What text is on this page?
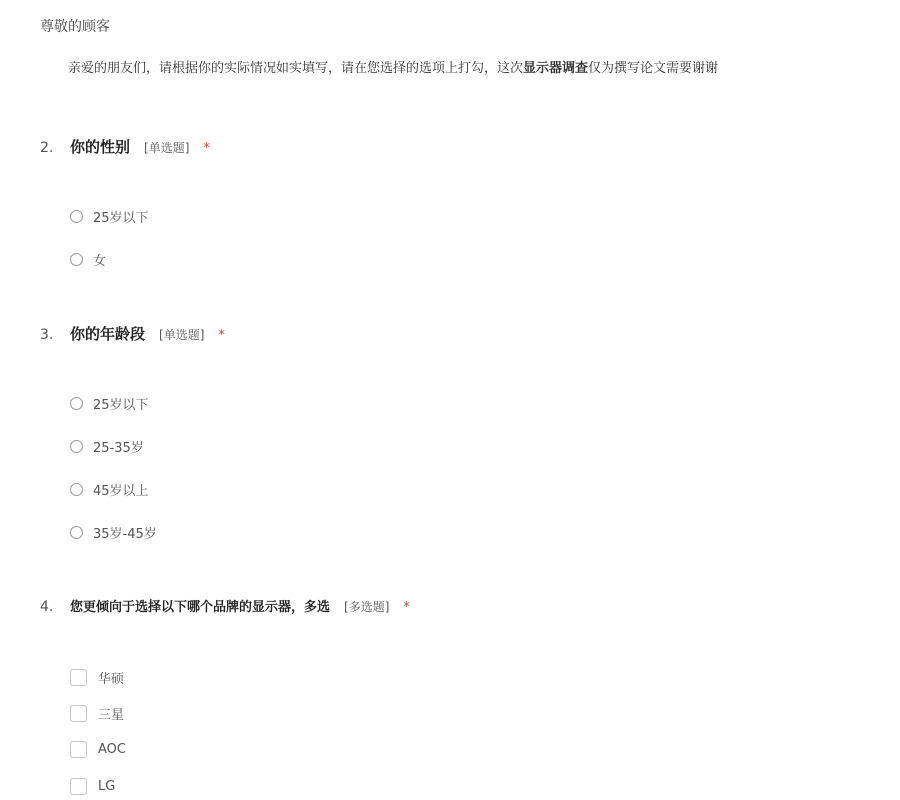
尊敬的顾客
亲爱的朋友们，请根据你的实际情况如实填写，请在您选择的选项上打勾，这次显示器调查仅为撰写论文需要谢谢
2.	你的性别 [单选题] *
25岁以下
女
3.	你的年龄段 [单选题] *
25岁以下
25-35岁
45岁以上
35岁-45岁
4.	您更倾向于选择以下哪个品牌的显示器，多选 [多选题] *
华硕
三星
AOC
LG
